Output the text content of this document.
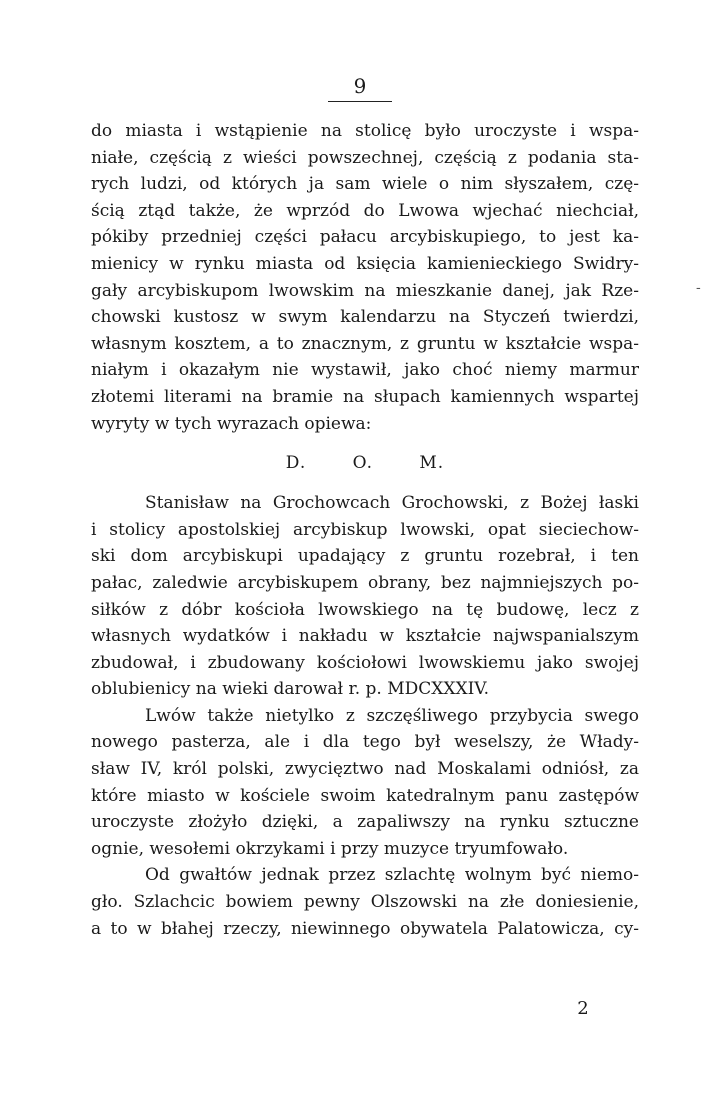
9
-
do miasta i wstąpienie na stolicę było uroczyste i wspa-
niałe, częścią z wieści powszechnej, częścią z podania sta-
rych ludzi, od których ja sam wiele o nim słyszałem, czę-
ścią ztąd także, że wprzód do Lwowa wjechać niechciał,
pókiby przedniej części pałacu arcybiskupiego, to jest ka-
mienicy w rynku miasta od księcia kamienieckiego Swidry-
gały arcybiskupom lwowskim na mieszkanie danej, jak Rze-
chowski kustosz w swym kalendarzu na Styczeń twierdzi,
własnym kosztem, a to znacznym, z gruntu w kształcie wspa-
niałym i okazałym nie wystawił, jako choć niemy marmur
złotemi literami na bramie na słupach kamiennych wspartej
wyryty w tych wyrazach opiewa:
D. O. M.
Stanisław na Grochowcach Grochowski, z Bożej łaski
i stolicy apostolskiej arcybiskup lwowski, opat sieciechow-
ski dom arcybiskupi upadający z gruntu rozebrał, i ten
pałac, zaledwie arcybiskupem obrany, bez najmniejszych po-
siłków z dóbr kościoła lwowskiego na tę budowę, lecz z
własnych wydatków i nakładu w kształcie najwspanialszym
zbudował, i zbudowany kościołowi lwowskiemu jako swojej
oblubienicy na wieki darował r. p. MDCXXXIV.
Lwów także nietylko z szczęśliwego przybycia swego
nowego pasterza, ale i dla tego był weselszy, że Włady-
sław IV, król polski, zwycięztwo nad Moskalami odniósł, za
które miasto w kościele swoim katedralnym panu zastępów
uroczyste złożyło dzięki, a zapaliwszy na rynku sztuczne
ognie, wesołemi okrzykami i przy muzyce tryumfowało.
Od gwałtów jednak przez szlachtę wolnym być niemo-
gło. Szlachcic bowiem pewny Olszowski na złe doniesienie,
a to w błahej rzeczy, niewinnego obywatela Palatowicza, cy-
2
